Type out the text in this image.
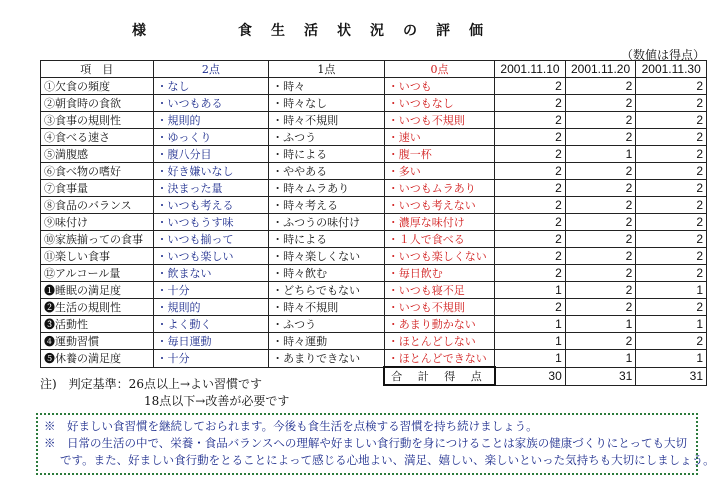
様	食生活状況の評価
（数値は得点）
項　目	2点	1点	0点	2001.11.10	2001.11.20	2001.11.30
①欠食の頻度	・なし	・時々	・いつも	2	2	2
②朝食時の食欲	・いつもある	・時々なし	・いつもなし	2	2	2
③食事の規則性	・規則的	・時々不規則	・いつも不規則	2	2	2
④食べる速さ	・ゆっくり	・ふつう	・速い	2	2	2
⑤満腹感	・腹八分目	・時による	・腹一杯	2	1	2
⑥食べ物の嗜好	・好き嫌いなし	・ややある	・多い	2	2	2
⑦食事量	・決まった量	・時々ムラあり	・いつもムラあり	2	2	2
⑧食品のバランス	・いつも考える	・時々考える	・いつも考えない	2	2	2
⑨味付け	・いつもうす味	・ふつうの味付け	・濃厚な味付け	2	2	2
⑩家族揃っての食事	・いつも揃って	・時による	・１人で食べる	2	2	2
⑪楽しい食事	・いつも楽しい	・時々楽しくない	・いつも楽しくない	2	2	2
⑫アルコール量	・飲まない	・時々飲む	・毎日飲む	2	2	2
❶睡眠の満足度	・十分	・どちらでもない	・いつも寝不足	1	2	1
❷生活の規則性	・規則的	・時々不規則	・いつも不規則	2	2	2
❸活動性	・よく動く	・ふつう	・あまり動かない	1	1	1
❹運動習慣	・毎日運動	・時々運動	・ほとんどしない	1	2	2
❺休養の満足度	・十分	・あまりできない	・ほとんどできない	1	1	1
			合 計 得 点	30	31	31
注)　判定基準：26点以上→よい習慣です
18点以下→改善が必要です

※　好ましい食習慣を継続しておられます。今後も食生活を点検する習慣を持ち続けましょう。

※　日常の生活の中で、栄養・食品バランスへの理解や好ましい食行動を身につけることは家族の健康づくりにとっても大切

です。また、好ましい食行動をとることによって感じる心地よい、満足、嬉しい、楽しいといった気持ちも大切にしましょう。
